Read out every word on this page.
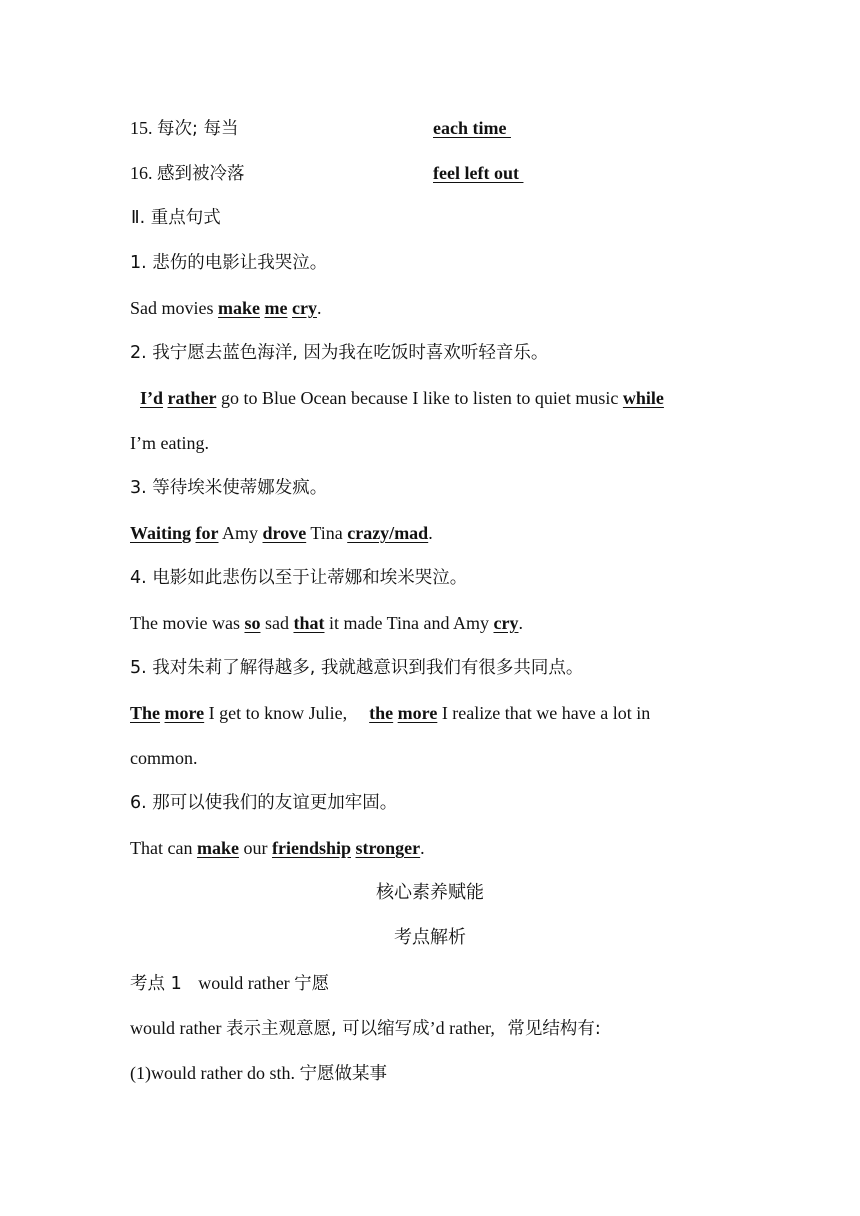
15. 每次; 每当	each time
16. 感到被冷落	feel left out
Ⅱ. 重点句式
1. 悲伤的电影让我哭泣。
Sad movies make me cry.
2. 我宁愿去蓝色海洋, 因为我在吃饭时喜欢听轻音乐。
I’d rather go to Blue Ocean because I like to listen to quiet music while
I’m eating.
3. 等待埃米使蒂娜发疯。
Waiting for Amy drove Tina crazy/mad.
4. 电影如此悲伤以至于让蒂娜和埃米哭泣。
The movie was so sad that it made Tina and Amy cry.
5. 我对朱莉了解得越多, 我就越意识到我们有很多共同点。
The more I get to know Julie, the more I realize that we have a lot in
common.
6. 那可以使我们的友谊更加牢固。
That can make our friendship stronger.
核心素养赋能
考点解析
考点 1 would rather 宁愿
would rather 表示主观意愿, 可以缩写成’d rather, 常见结构有:
(1)would rather do sth. 宁愿做某事
